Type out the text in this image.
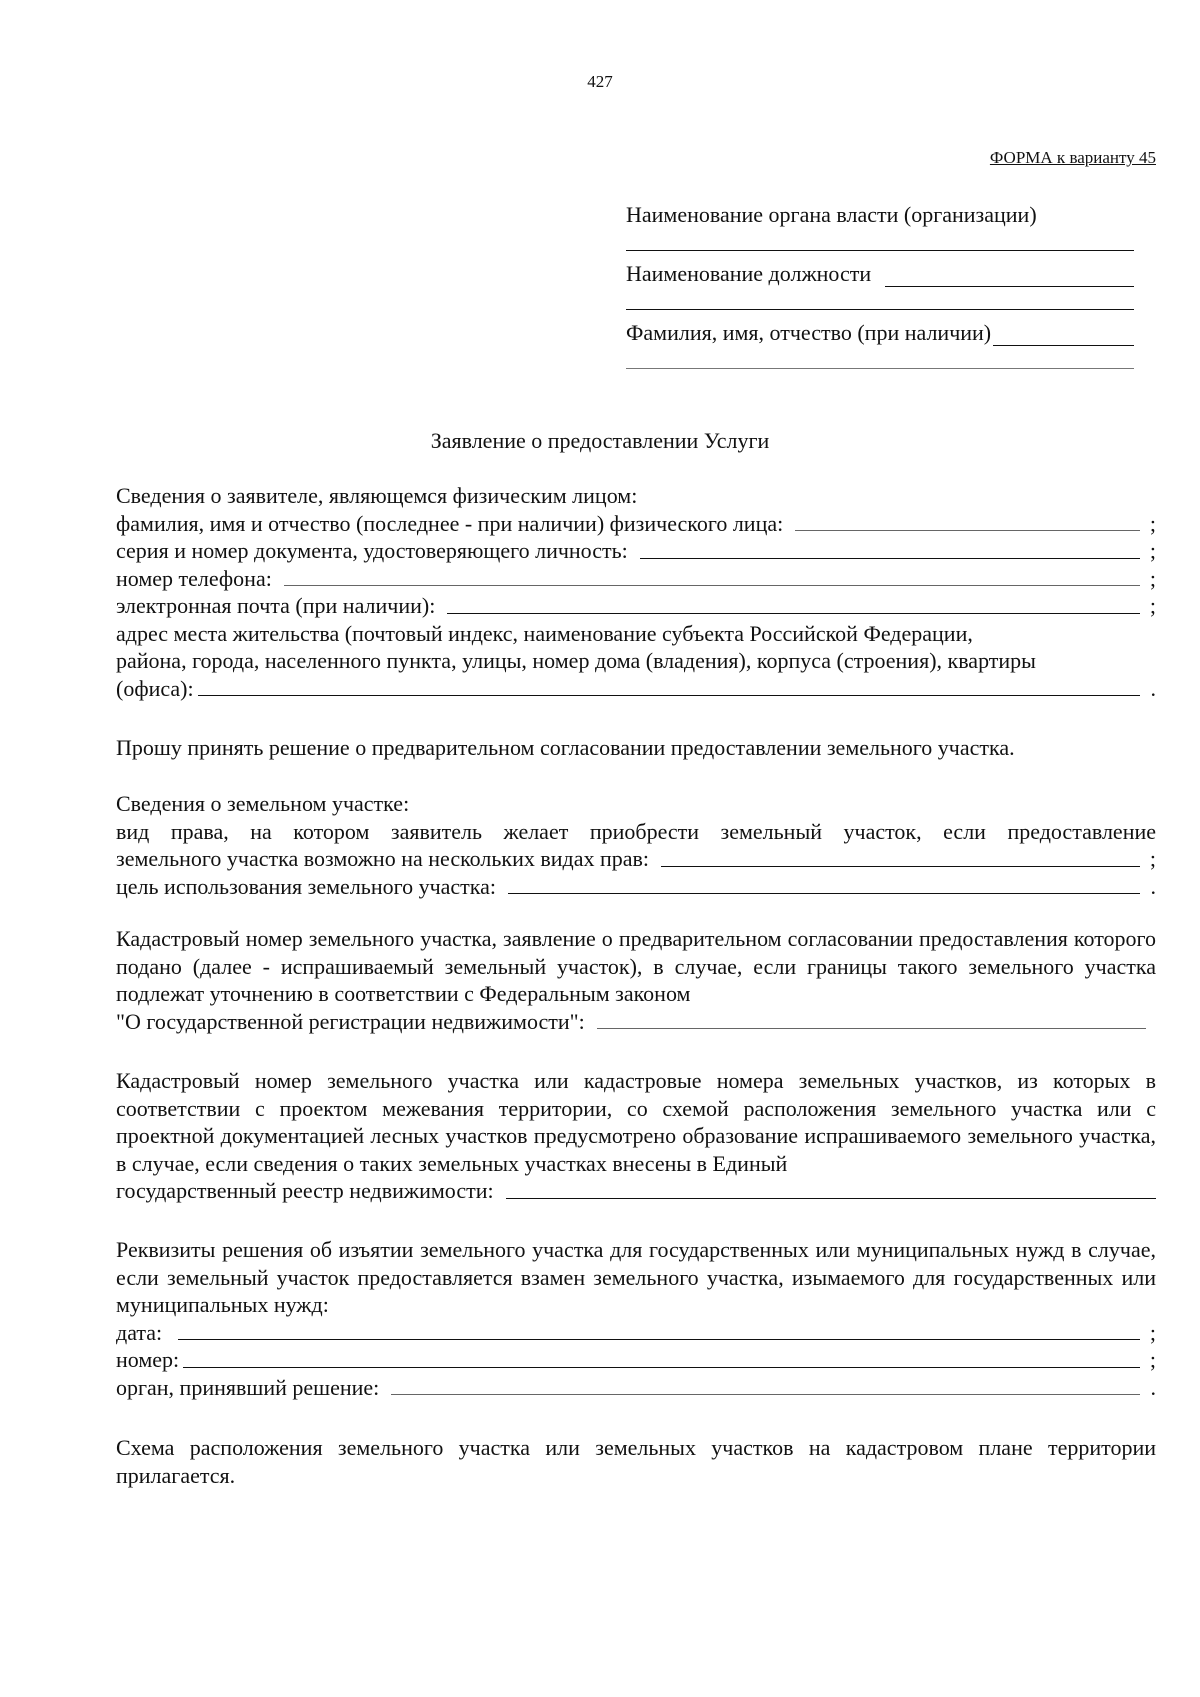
427
ФОРМА к варианту 45
Наименование органа власти (организации)
Наименование должности
Фамилия, имя, отчество (при наличии)
Заявление о предоставлении Услуги
Сведения о заявителе, являющемся физическим лицом:
фамилия, имя и отчество (последнее - при наличии) физического лица:	;
серия и номер документа, удостоверяющего личность:	;
номер телефона:	;
электронная почта (при наличии):	;
адрес места жительства (почтовый индекс, наименование субъекта Российской Федерации,
района, города, населенного пункта, улицы, номер дома (владения), корпуса (строения), квартиры
(офиса):	.
Прошу принять решение о предварительном согласовании предоставлении земельного участка.
Сведения о земельном участке:
вид права, на котором заявитель желает приобрести земельный участок, если предоставление
земельного участка возможно на нескольких видах прав:	;
цель использования земельного участка:	.
Кадастровый номер земельного участка, заявление о предварительном согласовании предоставления которого подано (далее - испрашиваемый земельный участок), в случае, если границы такого земельного участка подлежат уточнению в соответствии с Федеральным законом
"О государственной регистрации недвижимости":
Кадастровый номер земельного участка или кадастровые номера земельных участков, из которых в соответствии с проектом межевания территории, со схемой расположения земельного участка или с проектной документацией лесных участков предусмотрено образование испрашиваемого земельного участка, в случае, если сведения о таких земельных участках внесены в Единый
государственный реестр недвижимости:
Реквизиты решения об изъятии земельного участка для государственных или муниципальных нужд в случае, если земельный участок предоставляется взамен земельного участка, изымаемого для государственных или муниципальных нужд:
дата:	;
номер:	;
орган, принявший решение:	.
Схема расположения земельного участка или земельных участков на кадастровом плане территории прилагается.
